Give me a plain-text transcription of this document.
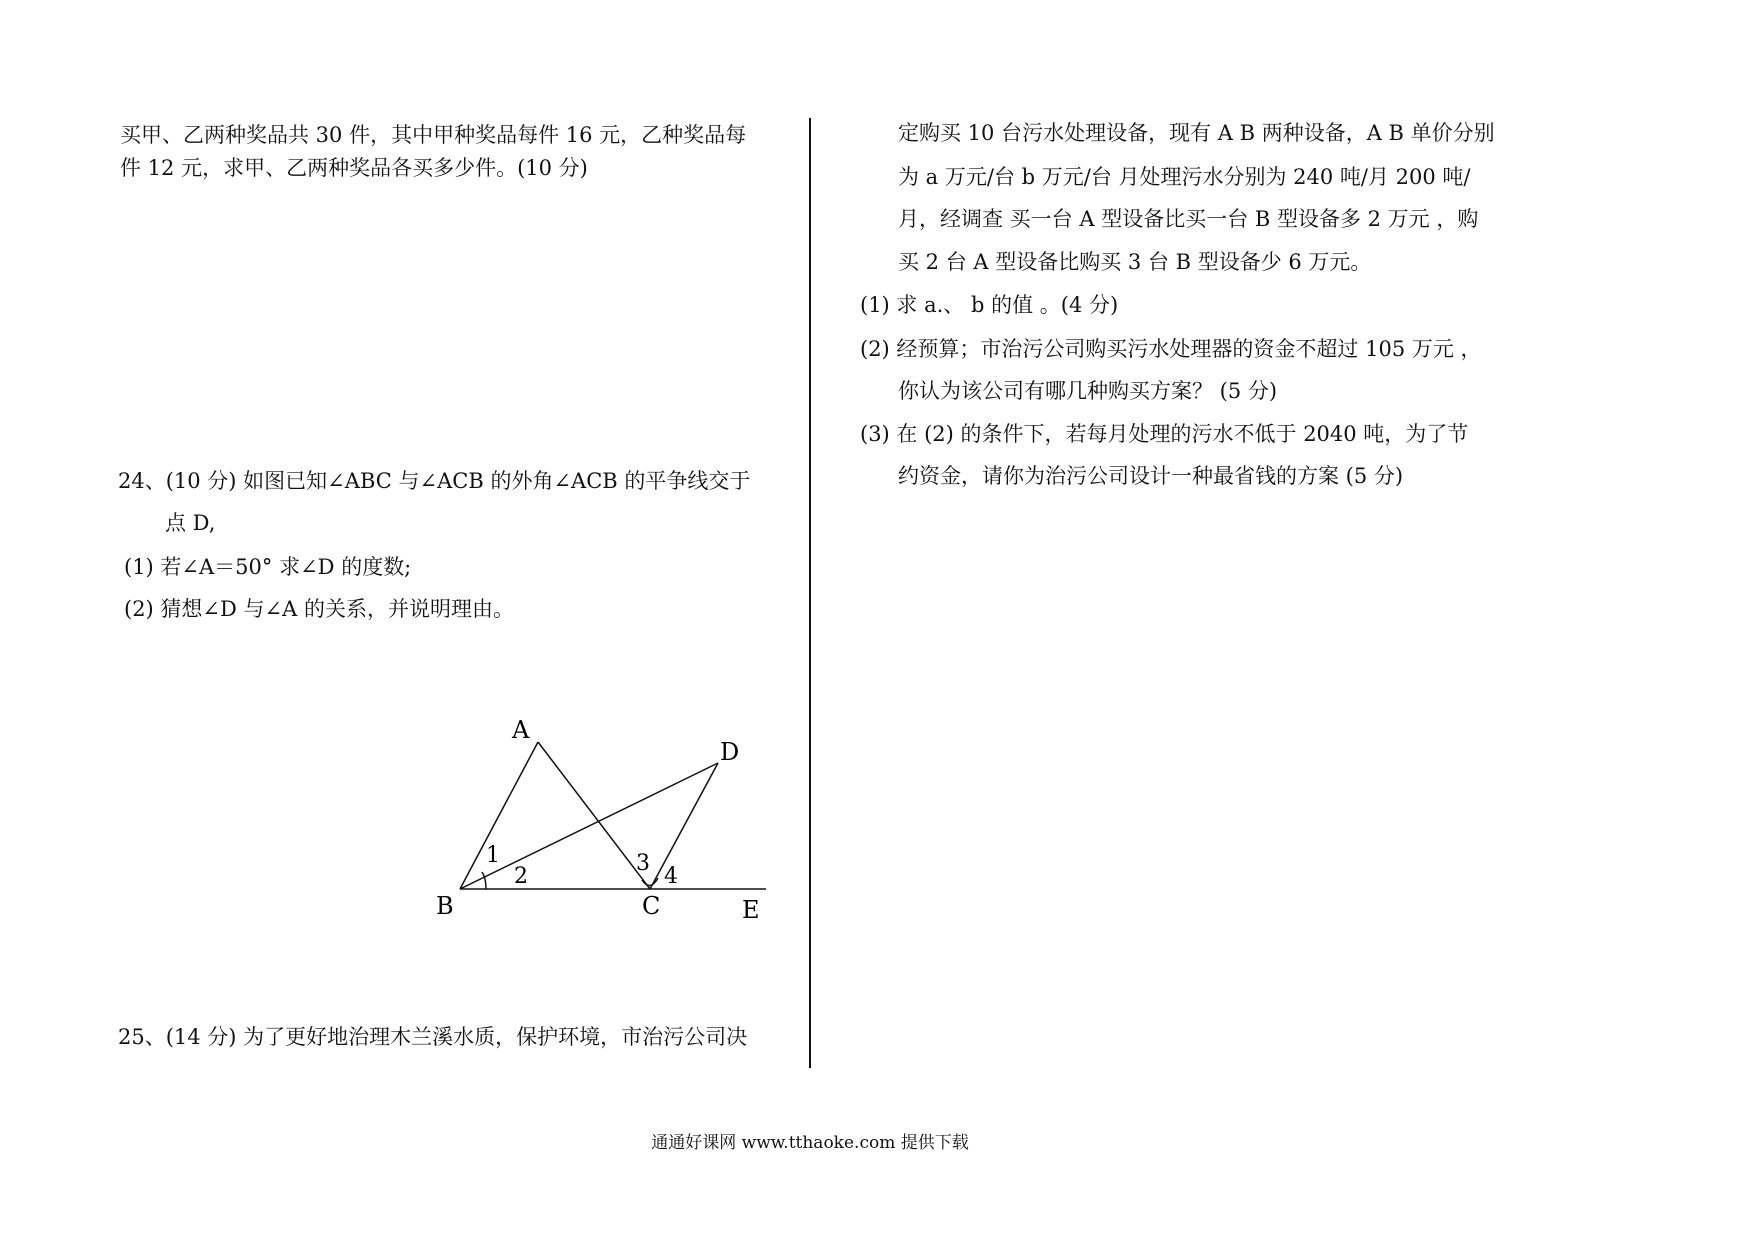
买甲、乙两种奖品共 30 件，其中甲种奖品每件 16 元，乙种奖品每
件 12 元，求甲、乙两种奖品各买多少件。(10 分)
24、(10 分) 如图已知∠ABC 与∠ACB 的外角∠ACB 的平争线交于
点 D,
(1) 若∠A＝50° 求∠D 的度数;
(2) 猜想∠D 与∠A 的关系，并说明理由。
A
B	C
D
E
1
2
3
4
25、(14 分) 为了更好地治理木兰溪水质，保护环境，市治污公司决
定购买 10 台污水处理设备，现有 A B 两种设备，A B 单价分别
为 a 万元/台 b 万元/台 月处理污水分别为 240 吨/月 200 吨/
月，经调查 买一台 A 型设备比买一台 B 型设备多 2 万元 ，购
买 2 台 A 型设备比购买 3 台 B 型设备少 6 万元。
(1) 求 a.、 b 的值 。(4 分)
(2) 经预算；市治污公司购买污水处理器的资金不超过 105 万元 ，
你认为该公司有哪几种购买方案？ (5 分)
(3) 在 (2) 的条件下，若每月处理的污水不低于 2040 吨，为了节
约资金，请你为治污公司设计一种最省钱的方案 (5 分)
通通好课网 www.tthaoke.com 提供下载
